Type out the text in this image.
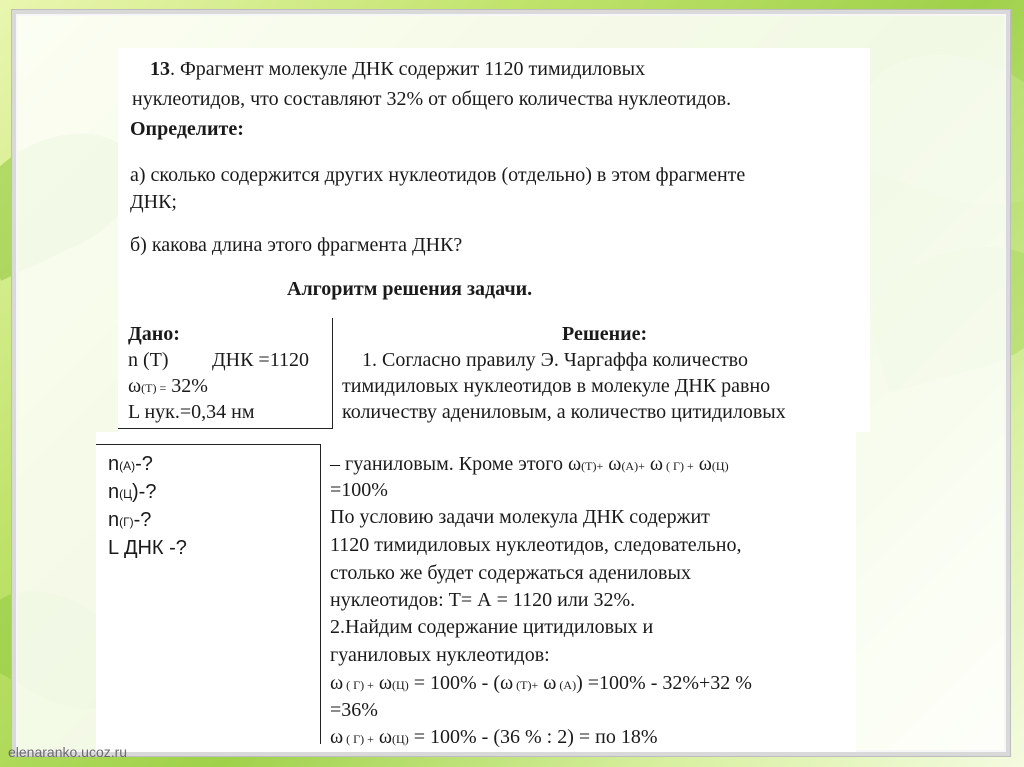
13. Фрагмент молекуле ДНК содержит 1120 тимидиловых
нуклеотидов, что составляют 32% от общего количества нуклеотидов.
Определите:
а) сколько содержится других нуклеотидов (отдельно) в этом фрагменте
ДНК;
б) какова длина этого фрагмента ДНК?
Алгоритм решения задачи.
Дано:
n (T) ДНК =1120
ω(T) = 32%
L нук.=0,34 нм
Решение:
1. Согласно правилу Э. Чаргаффа количество
тимидиловых нуклеотидов в молекуле ДНК равно
количеству адениловым, а количество цитидиловых
n(А)-?
n(Ц)-?
n(Г)-?
L ДНК -?
– гуаниловым. Кроме этого ω(T)+ ω(А)+ ω ( Г) + ω(Ц)
=100%
По условию задачи молекула ДНК содержит
1120 тимидиловых нуклеотидов, следовательно,
столько же будет содержаться адениловых
нуклеотидов: Т= А = 1120 или 32%.
2.Найдим содержание цитидиловых и
гуаниловых нуклеотидов:
ω ( Г) + ω(Ц) = 100% - (ω (T)+ ω (А)) =100% - 32%+32 %
=36%
ω ( Г) + ω(Ц) = 100% - (36 % : 2) = по 18%
elenaranko.ucoz.ru
